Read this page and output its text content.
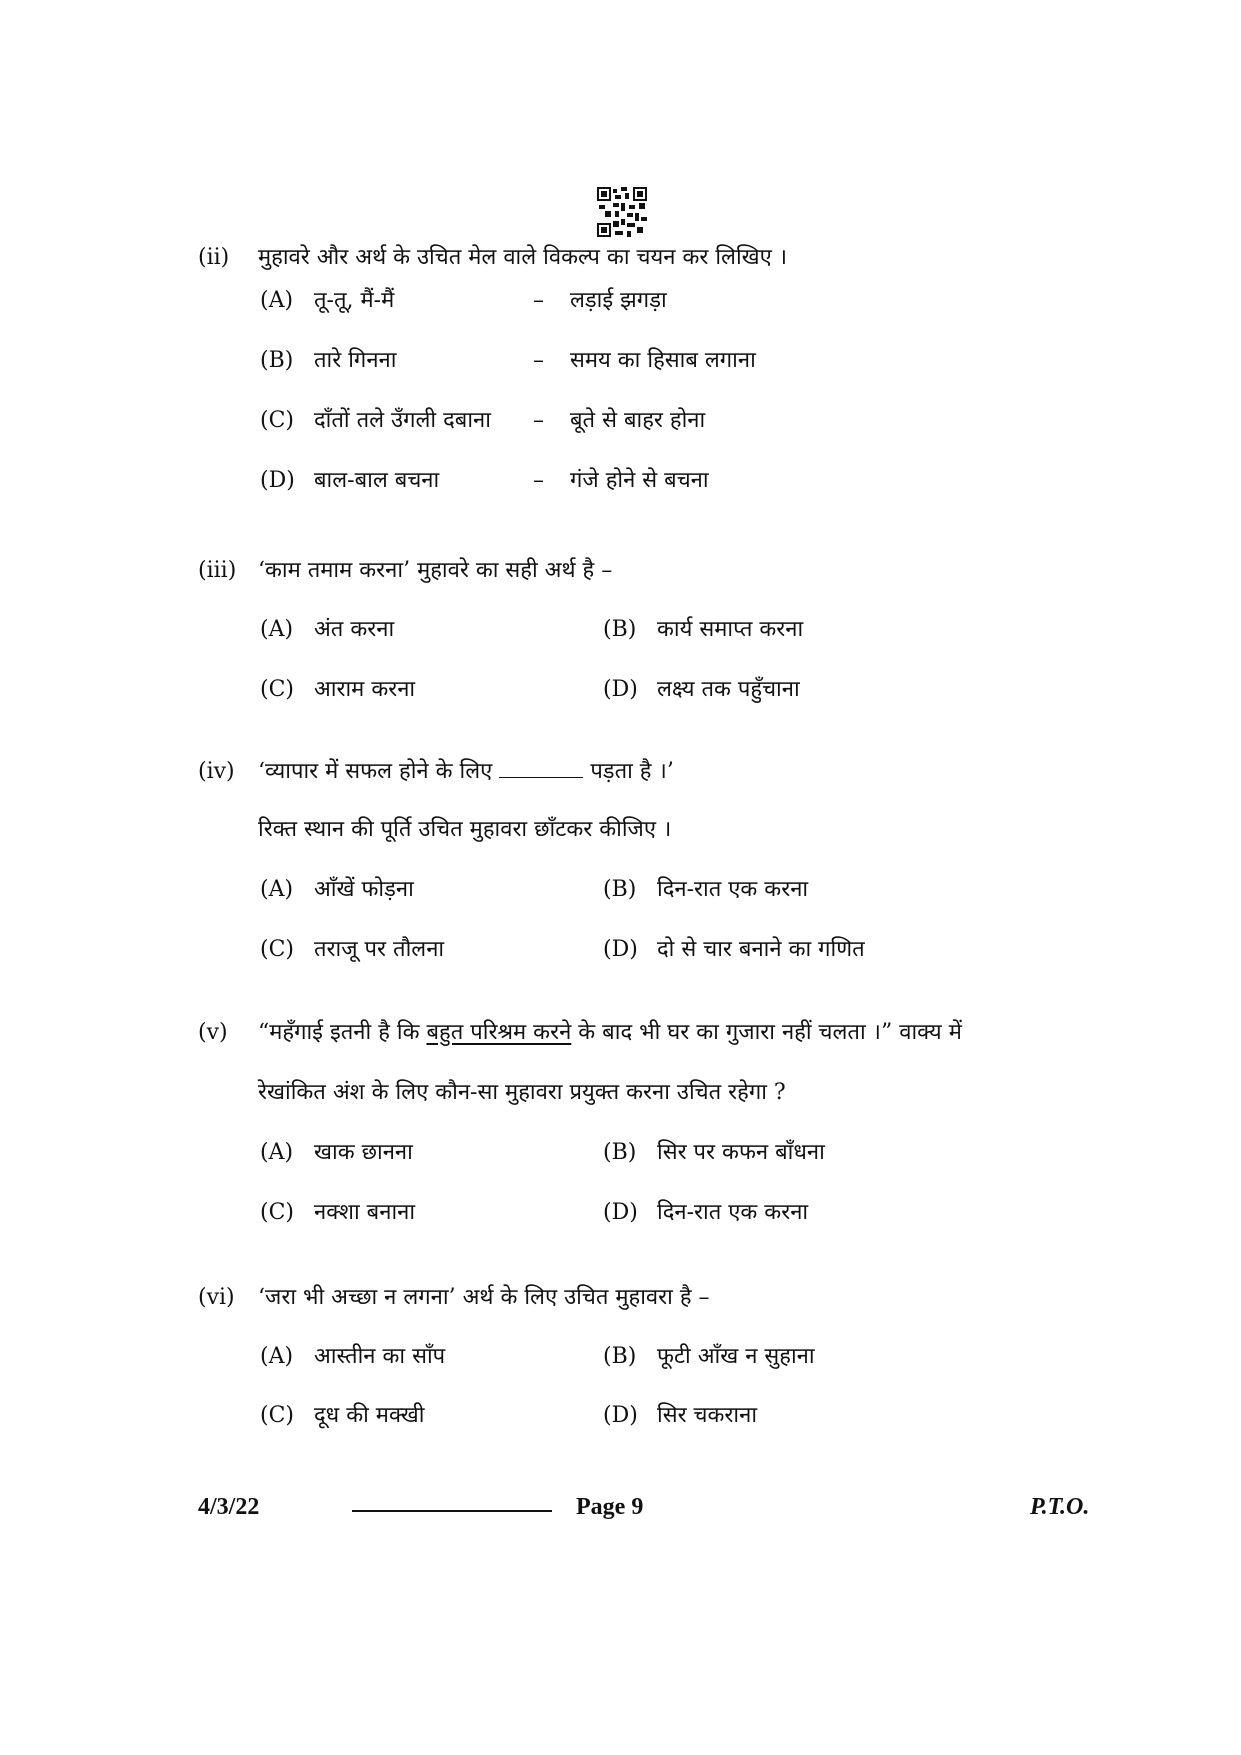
(ii) मुहावरे और अर्थ के उचित मेल वाले विकल्प का चयन कर लिखिए ।
(A) तू-तू, मैं-मैं	– लड़ाई झगड़ा
(B) तारे गिनना	– समय का हिसाब लगाना
(C) दाँतों तले उँगली दबाना – बूते से बाहर होना
(D) बाल-बाल बचना	– गंजे होने से बचना
(iii) ‘काम तमाम करना’ मुहावरे का सही अर्थ है –
(A) अंत करना	(B) कार्य समाप्त करना
(C) आराम करना	(D) लक्ष्य तक पहुँचाना
(iv) ‘व्यापार में सफल होने के लिए	पड़ता है ।’
रिक्त स्थान की पूर्ति उचित मुहावरा छाँटकर कीजिए ।
(A) आँखें फोड़ना	(B) दिन-रात एक करना
(C) तराजू पर तौलना	(D) दो से चार बनाने का गणित
(v) “महँगाई इतनी है कि बहुत परिश्रम करने के बाद भी घर का गुजारा नहीं चलता ।” वाक्य में
रेखांकित अंश के लिए कौन-सा मुहावरा प्रयुक्त करना उचित रहेगा ?
(A) खाक छानना	(B) सिर पर कफन बाँधना
(C) नक्शा बनाना	(D) दिन-रात एक करना
(vi) ‘जरा भी अच्छा न लगना’ अर्थ के लिए उचित मुहावरा है –
(A) आस्तीन का साँप	(B) फूटी आँख न सुहाना
(C) दूध की मक्खी	(D) सिर चकराना
4/3/22	Page 9	P.T.O.
